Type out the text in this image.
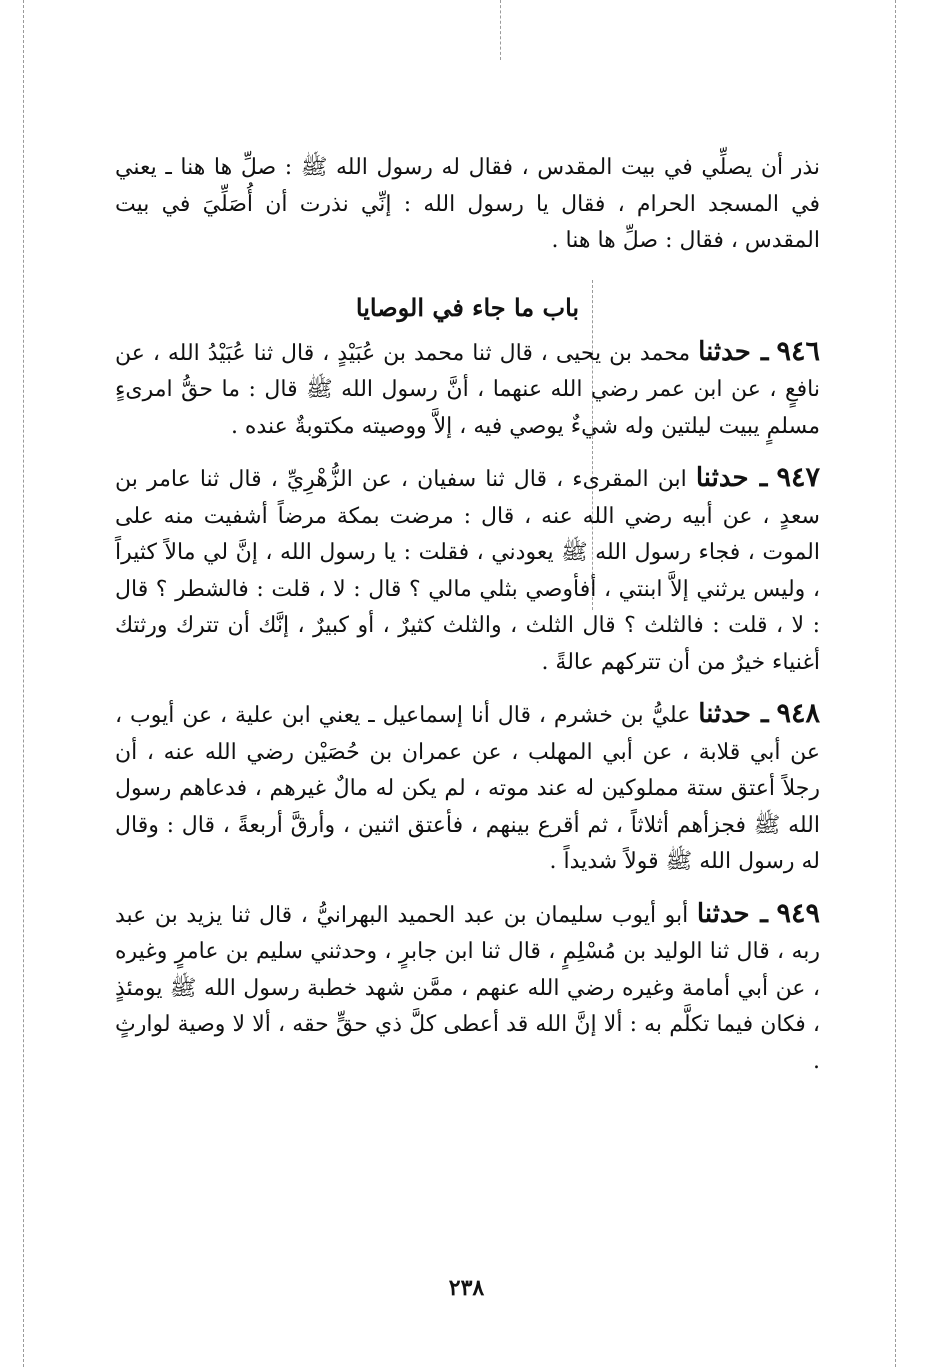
نذر أن يصلِّي في بيت المقدس ، فقال له رسول الله ﷺ : صلِّ ها هنا ـ يعني في المسجد الحرام ، فقال يا رسول الله : إنِّي نذرت أن أُصَلِّيَ في بيت المقدس ، فقال : صلِّ ها هنا .

باب ما جاء في الوصايا

٩٤٦ ـ حدثنا محمد بن يحيى ، قال ثنا محمد بن عُبَيْدٍ ، قال ثنا عُبَيْدُ الله ، عن نافعٍ ، عن ابن عمر رضي الله عنهما ، أنَّ رسول الله ﷺ قال : ما حقُّ امرىءٍ مسلمٍ يبيت ليلتين وله شيءٌ يوصي فيه ، إلاَّ ووصيته مكتوبةٌ عنده .

٩٤٧ ـ حدثنا ابن المقرىء ، قال ثنا سفيان ، عن الزُّهْرِيِّ ، قال ثنا عامر بن سعدٍ ، عن أبيه رضي الله عنه ، قال : مرضت بمكة مرضاً أشفيت منه على الموت ، فجاء رسول الله ﷺ يعودني ، فقلت : يا رسول الله ، إنَّ لي مالاً كثيراً ، وليس يرثني إلاَّ ابنتي ، أفأوصي بثلي مالي ؟ قال : لا ، قلت : فالشطر ؟ قال : لا ، قلت : فالثلث ؟ قال الثلث ، والثلث كثيرٌ ، أو كبيرٌ ، إنَّك أن تترك ورثتك أغنياء خيرٌ من أن تتركهم عالةً .

٩٤٨ ـ حدثنا عليُّ بن خشرم ، قال أنا إسماعيل ـ يعني ابن علية ، عن أيوب ، عن أبي قلابة ، عن أبي المهلب ، عن عمران بن حُصَيْن رضي الله عنه ، أن رجلاً أعتق ستة مملوكين له عند موته ، لم يكن له مالٌ غيرهم ، فدعاهم رسول الله ﷺ فجزأهم أثلاثاً ، ثم أقرع بينهم ، فأعتق اثنين ، وأرقَّ أربعةً ، قال : وقال له رسول الله ﷺ قولاً شديداً .

٩٤٩ ـ حدثنا أبو أيوب سليمان بن عبد الحميد البهرانيُّ ، قال ثنا يزيد بن عبد ربه ، قال ثنا الوليد بن مُسْلِمٍ ، قال ثنا ابن جابرٍ ، وحدثني سليم بن عامرٍ وغيره ، عن أبي أمامة وغيره رضي الله عنهم ، ممَّن شهد خطبة رسول الله ﷺ يومئذٍ ، فكان فيما تكلَّم به : ألا إنَّ الله قد أعطى كلَّ ذي حقٍّ حقه ، ألا لا وصية لوارثٍ .

٢٣٨
